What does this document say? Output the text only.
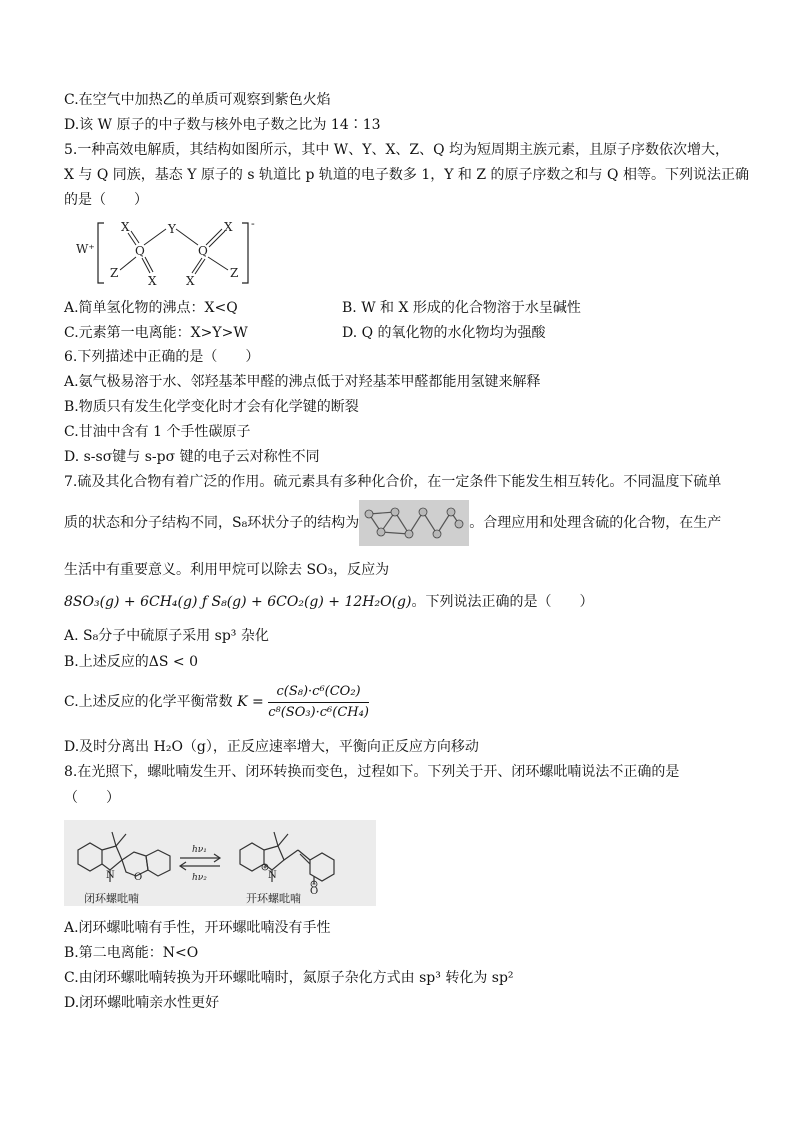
C.在空气中加热乙的单质可观察到紫色火焰
D.该 W 原子的中子数与核外电子数之比为 14∶13
5.一种高效电解质，其结构如图所示，其中 W、Y、X、Z、Q 均为短周期主族元素，且原子序数依次增大，
X 与 Q 同族，基态 Y 原子的 s 轨道比 p 轨道的电子数多 1，Y 和 Z 的原子序数之和与 Q 相等。下列说法正确
的是（　　）
W⁺
-
X
Q
Y
Q
X
Z
X X
Z
A.简单氢化物的沸点：X<Q	B. W 和 X 形成的化合物溶于水呈碱性
C.元素第一电离能：X>Y>W	D. Q 的氧化物的水化物均为强酸
6.下列描述中正确的是（　　）
A.氨气极易溶于水、邻羟基苯甲醛的沸点低于对羟基苯甲醛都能用氢键来解释
B.物质只有发生化学变化时才会有化学键的断裂
C.甘油中含有 1 个手性碳原子
D. s-sσ键与 s-pσ 键的电子云对称性不同
7.硫及其化合物有着广泛的作用。硫元素具有多种化合价，在一定条件下能发生相互转化。不同温度下硫单
质的状态和分子结构不同，S₈环状分子的结构为	。合理应用和处理含硫的化合物，在生产
生活中有重要意义。利用甲烷可以除去 SO₃，反应为
8SO₃(g) + 6CH₄(g) ƒ S₈(g) + 6CO₂(g) + 12H₂O(g)。下列说法正确的是（　　）
A. S₈分子中硫原子采用 sp³ 杂化
B.上述反应的ΔS < 0
C.上述反应的化学平衡常数 $K = \frac{\text{c(S₈)·c⁶(CO₂)}}{\text{c⁸(SO₃)·c⁶(CH₄)}}$
D.及时分离出 H₂O（g），正反应速率增大，平衡向正反应方向移动
8.在光照下，螺吡喃发生开、闭环转换而变色，过程如下。下列关于开、闭环螺吡喃说法不正确的是
（　　）
N O
hν₁
hν₂	N
O
闭环螺吡喃	开环螺吡喃
A.闭环螺吡喃有手性，开环螺吡喃没有手性
B.第二电离能：N<O
C.由闭环螺吡喃转换为开环螺吡喃时，氮原子杂化方式由 sp³ 转化为 sp²
D.闭环螺吡喃亲水性更好
